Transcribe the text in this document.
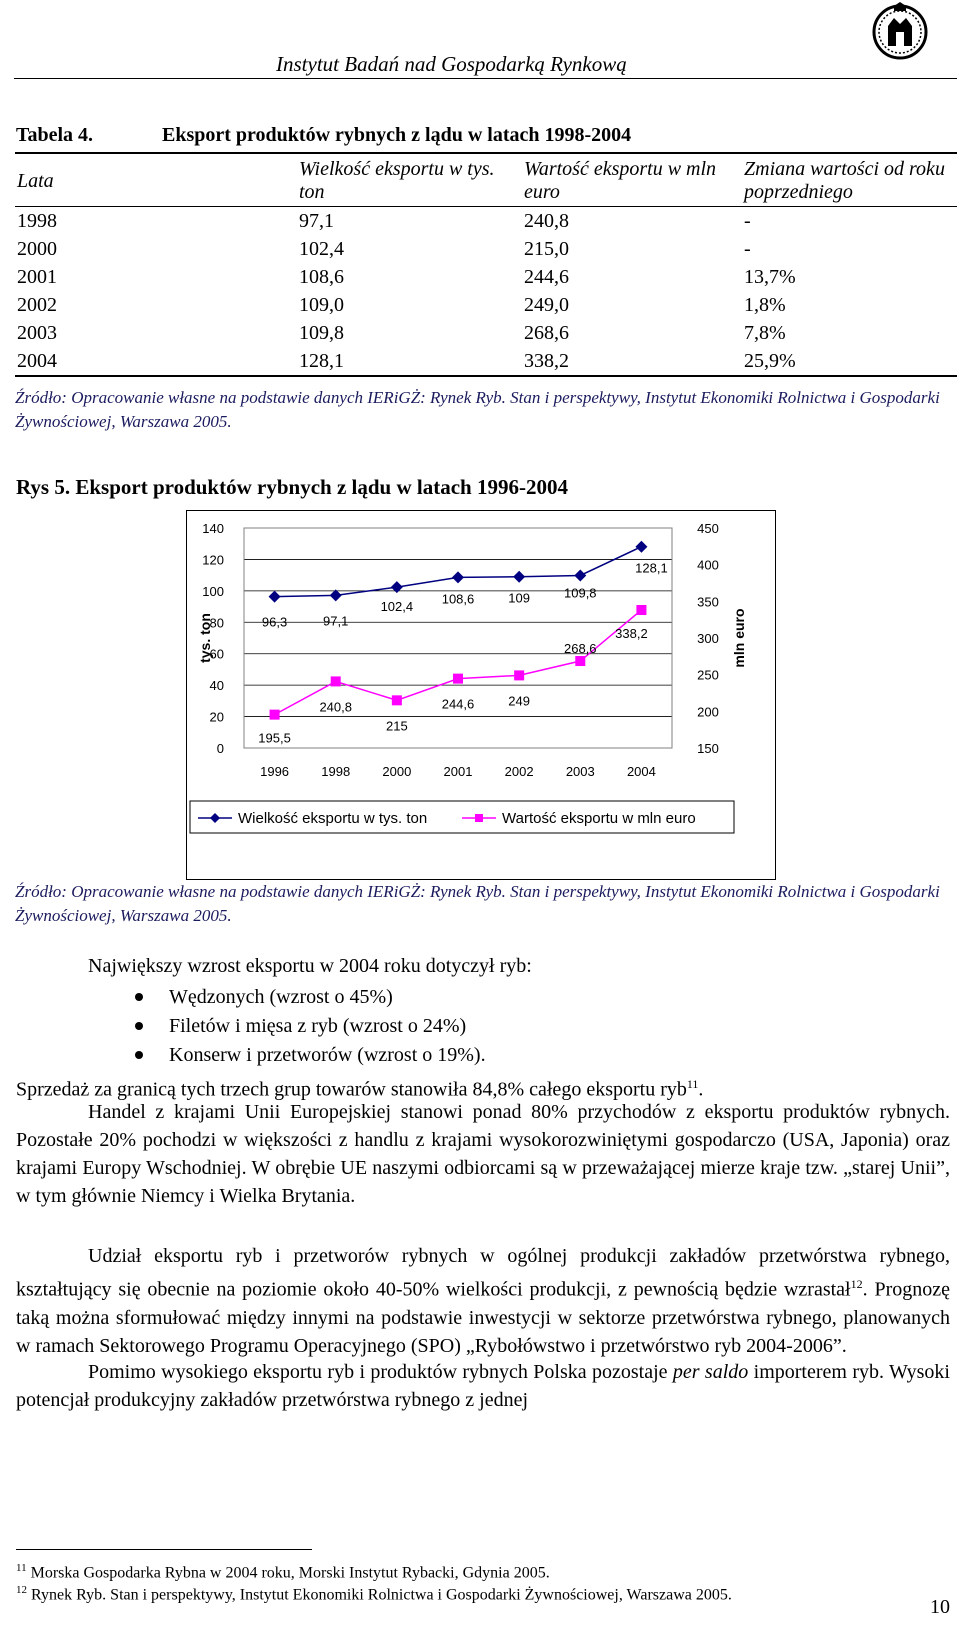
Instytut Badań nad Gospodarką Rynkową
Tabela 4.	Eksport produktów rybnych z lądu w latach 1998-2004
Lata	Wielkość eksportu w tys. ton	Wartość eksportu w mln euro	Zmiana wartości od roku poprzedniego
1998	97,1	240,8	-
2000	102,4	215,0	-
2001	108,6	244,6	13,7%
2002	109,0	249,0	1,8%
2003	109,8	268,6	7,8%
2004	128,1	338,2	25,9%
Źródło: Opracowanie własne na podstawie danych IERiGŻ: Rynek Ryb. Stan i perspektywy, Instytut Ekonomiki Rolnictwa i Gospodarki Żywnościowej, Warszawa 2005.
Rys 5. Eksport produktów rybnych z lądu w latach 1996-2004
0
20
40
60
80
100
120
140
150
200
250
300
350
400
450
1996 1998 2000 2001 2002 2003 2004
tys. ton	mln euro
96,3	97,1
102,4
108,6	109	109,8
128,1
195,5
240,8
215
244,6	249
268,6
338,2
Wielkość eksportu w tys. ton	Wartość eksportu w mln euro
Źródło: Opracowanie własne na podstawie danych IERiGŻ: Rynek Ryb. Stan i perspektywy, Instytut Ekonomiki Rolnictwa i Gospodarki Żywnościowej, Warszawa 2005.
Największy wzrost eksportu w 2004 roku dotyczył ryb:
Wędzonych (wzrost o 45%)
Filetów i mięsa z ryb (wzrost o 24%)
Konserw i przetworów (wzrost o 19%).
Sprzedaż za granicą tych trzech grup towarów stanowiła 84,8% całego eksportu ryb$^{11}$.
Handel z krajami Unii Europejskiej stanowi ponad 80% przychodów z eksportu produktów rybnych. Pozostałe 20% pochodzi w większości z handlu z krajami wysokorozwiniętymi gospodarczo (USA, Japonia) oraz krajami Europy Wschodniej. W obrębie UE naszymi odbiorcami są w przeważającej mierze kraje tzw. „starej Unii”, w tym głównie Niemcy i Wielka Brytania.
Udział eksportu ryb i przetworów rybnych w ogólnej produkcji zakładów przetwórstwa rybnego, kształtujący się obecnie na poziomie około 40-50% wielkości produkcji, z pewnością będzie wzrastał$^{12}$. Prognozę taką można sformułować między innymi na podstawie inwestycji w sektorze przetwórstwa rybnego, planowanych w ramach Sektorowego Programu Operacyjnego (SPO) „Rybołówstwo i przetwórstwo ryb 2004-2006”.
Pomimo wysokiego eksportu ryb i produktów rybnych Polska pozostaje per saldo importerem ryb. Wysoki potencjał produkcyjny zakładów przetwórstwa rybnego z jednej
$^{11}$ Morska Gospodarka Rybna w 2004 roku, Morski Instytut Rybacki, Gdynia 2005.
$^{12}$ Rynek Ryb. Stan i perspektywy, Instytut Ekonomiki Rolnictwa i Gospodarki Żywnościowej, Warszawa 2005.
10
